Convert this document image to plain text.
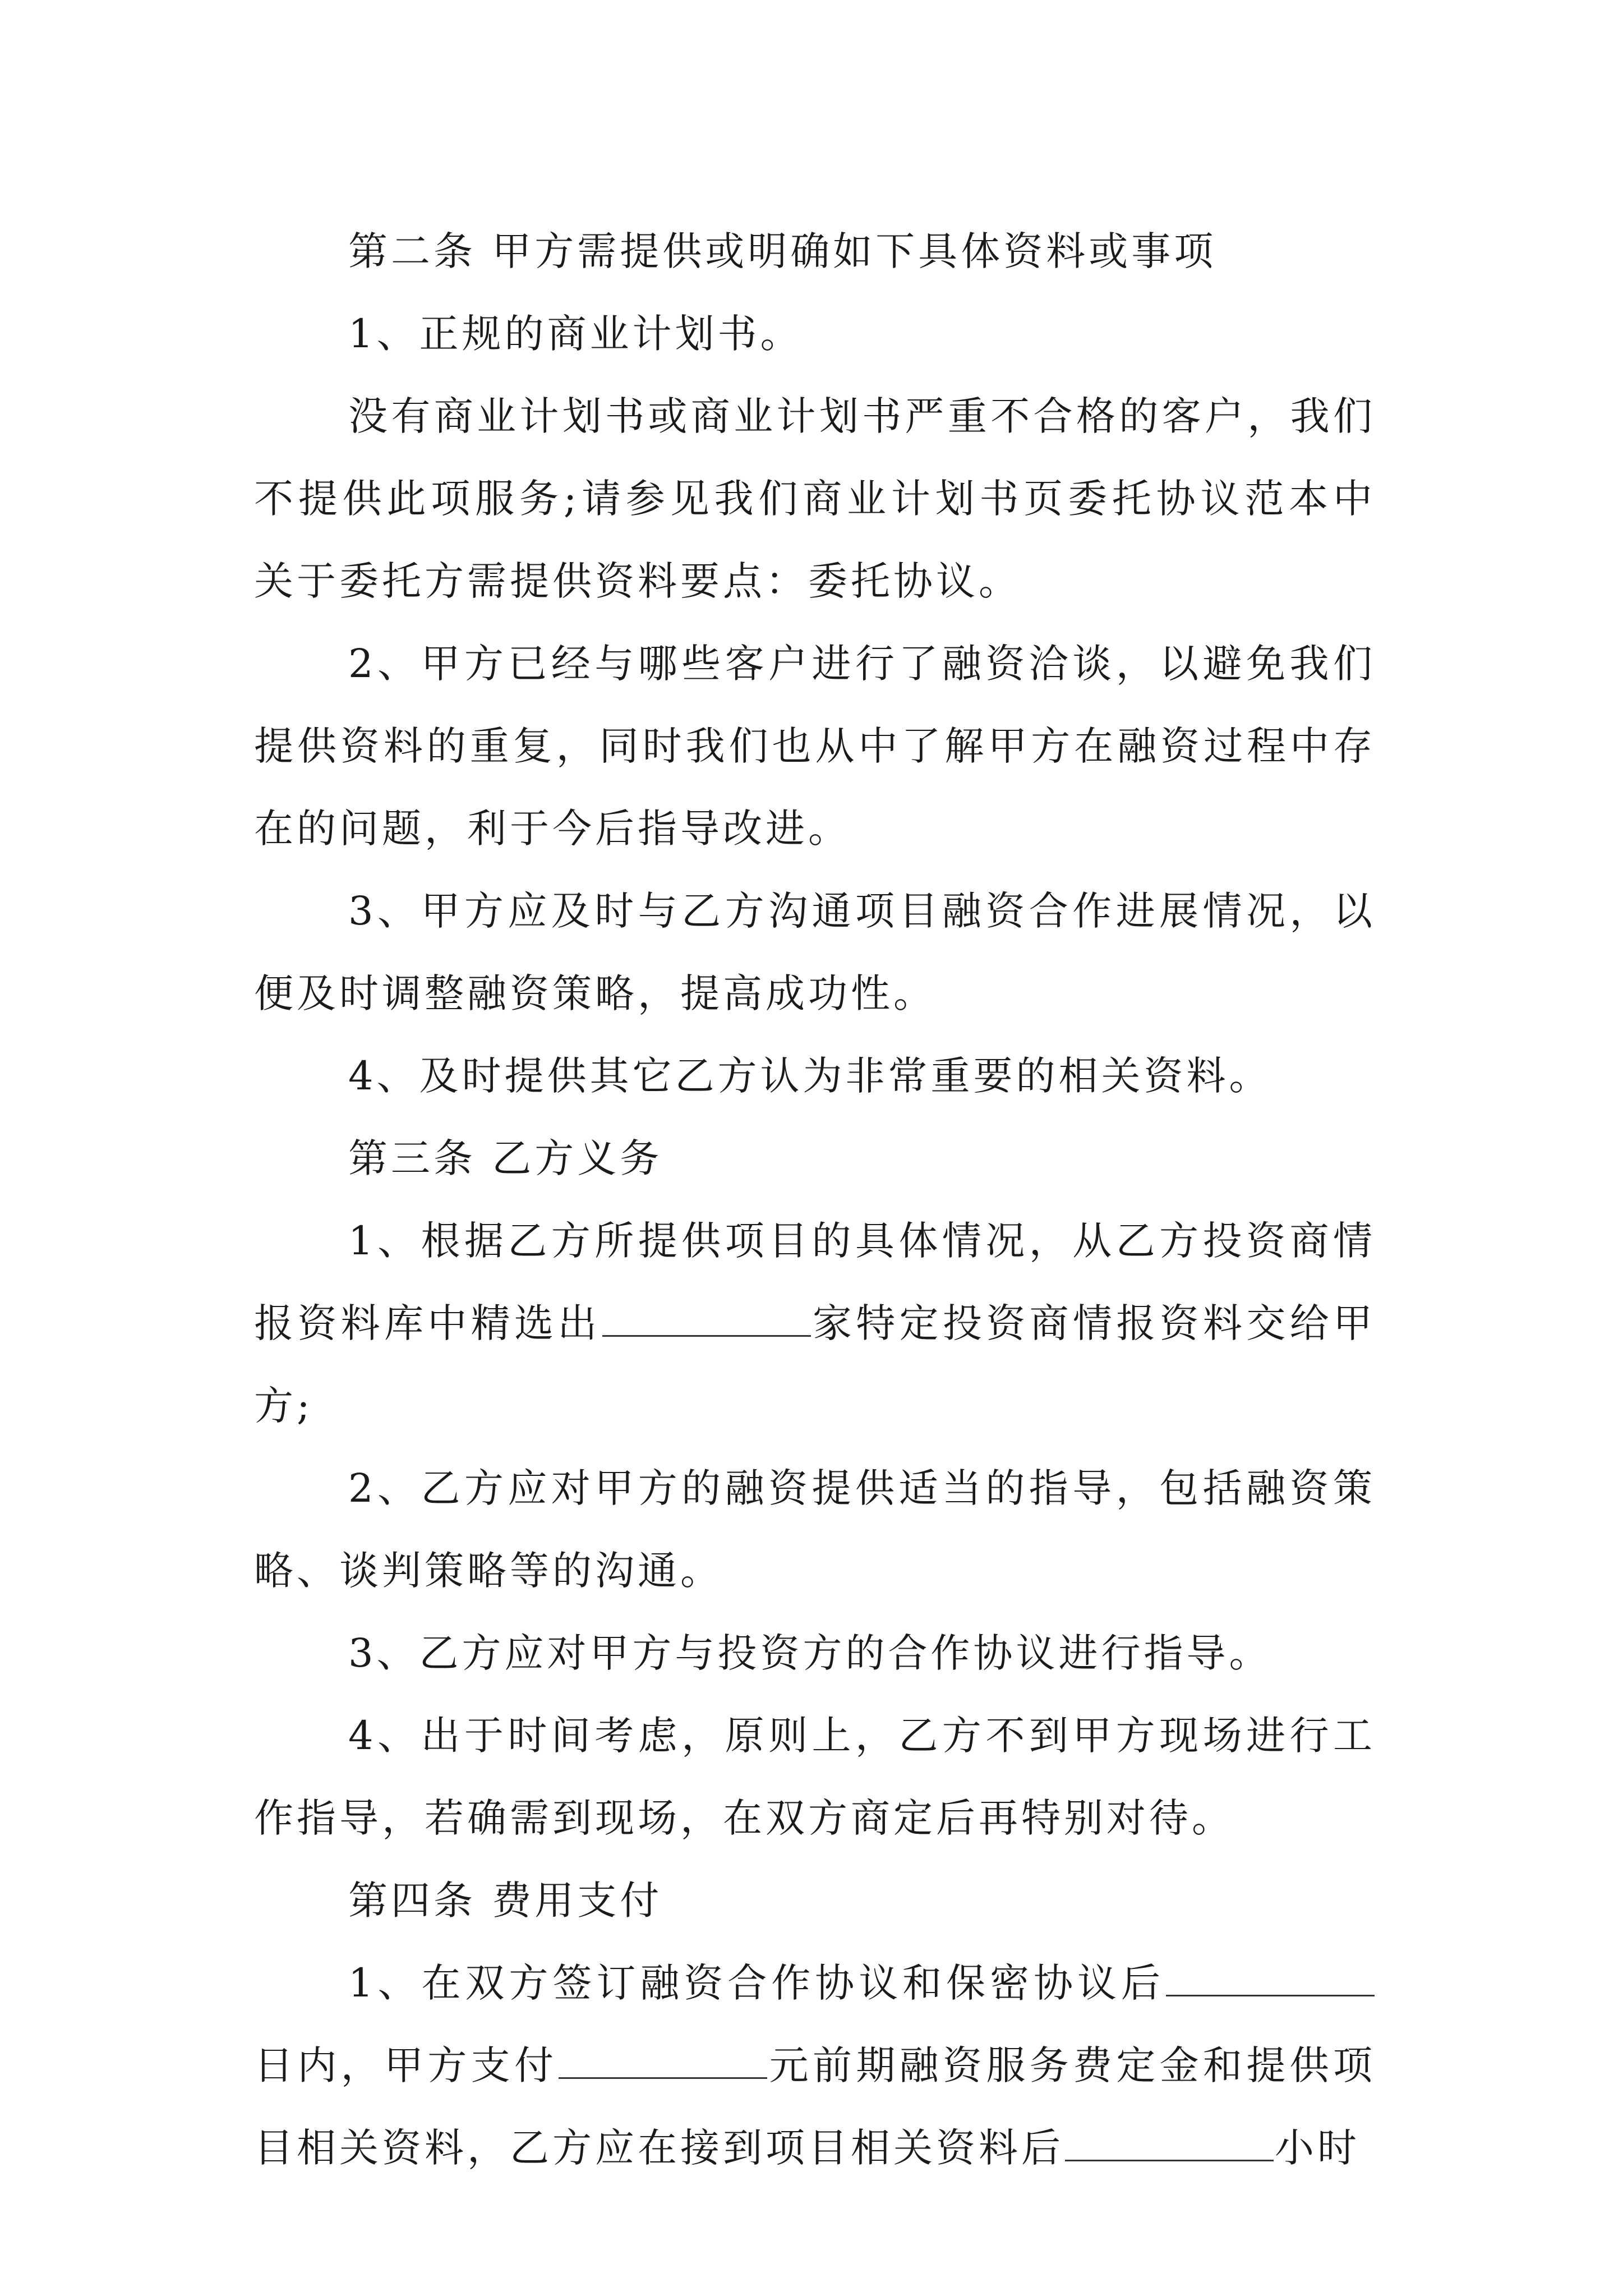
第二条 甲方需提供或明确如下具体资料或事项

1、正规的商业计划书。

没有商业计划书或商业计划书严重不合格的客户，我们不提供此项服务;请参见我们商业计划书页委托协议范本中关于委托方需提供资料要点：委托协议。

2、甲方已经与哪些客户进行了融资洽谈，以避免我们提供资料的重复，同时我们也从中了解甲方在融资过程中存在的问题，利于今后指导改进。

3、甲方应及时与乙方沟通项目融资合作进展情况，以便及时调整融资策略，提高成功性。

4、及时提供其它乙方认为非常重要的相关资料。

第三条 乙方义务

1、根据乙方所提供项目的具体情况，从乙方投资商情报资料库中精选出	家特定投资商情报资料交给甲方;

2、乙方应对甲方的融资提供适当的指导，包括融资策略、谈判策略等的沟通。

3、乙方应对甲方与投资方的合作协议进行指导。

4、出于时间考虑，原则上，乙方不到甲方现场进行工作指导，若确需到现场，在双方商定后再特别对待。

第四条 费用支付

1、在双方签订融资合作协议和保密协议后日内，甲方支付	元前期融资服务费定金和提供项目相关资料，乙方应在接到项目相关资料后	小时
